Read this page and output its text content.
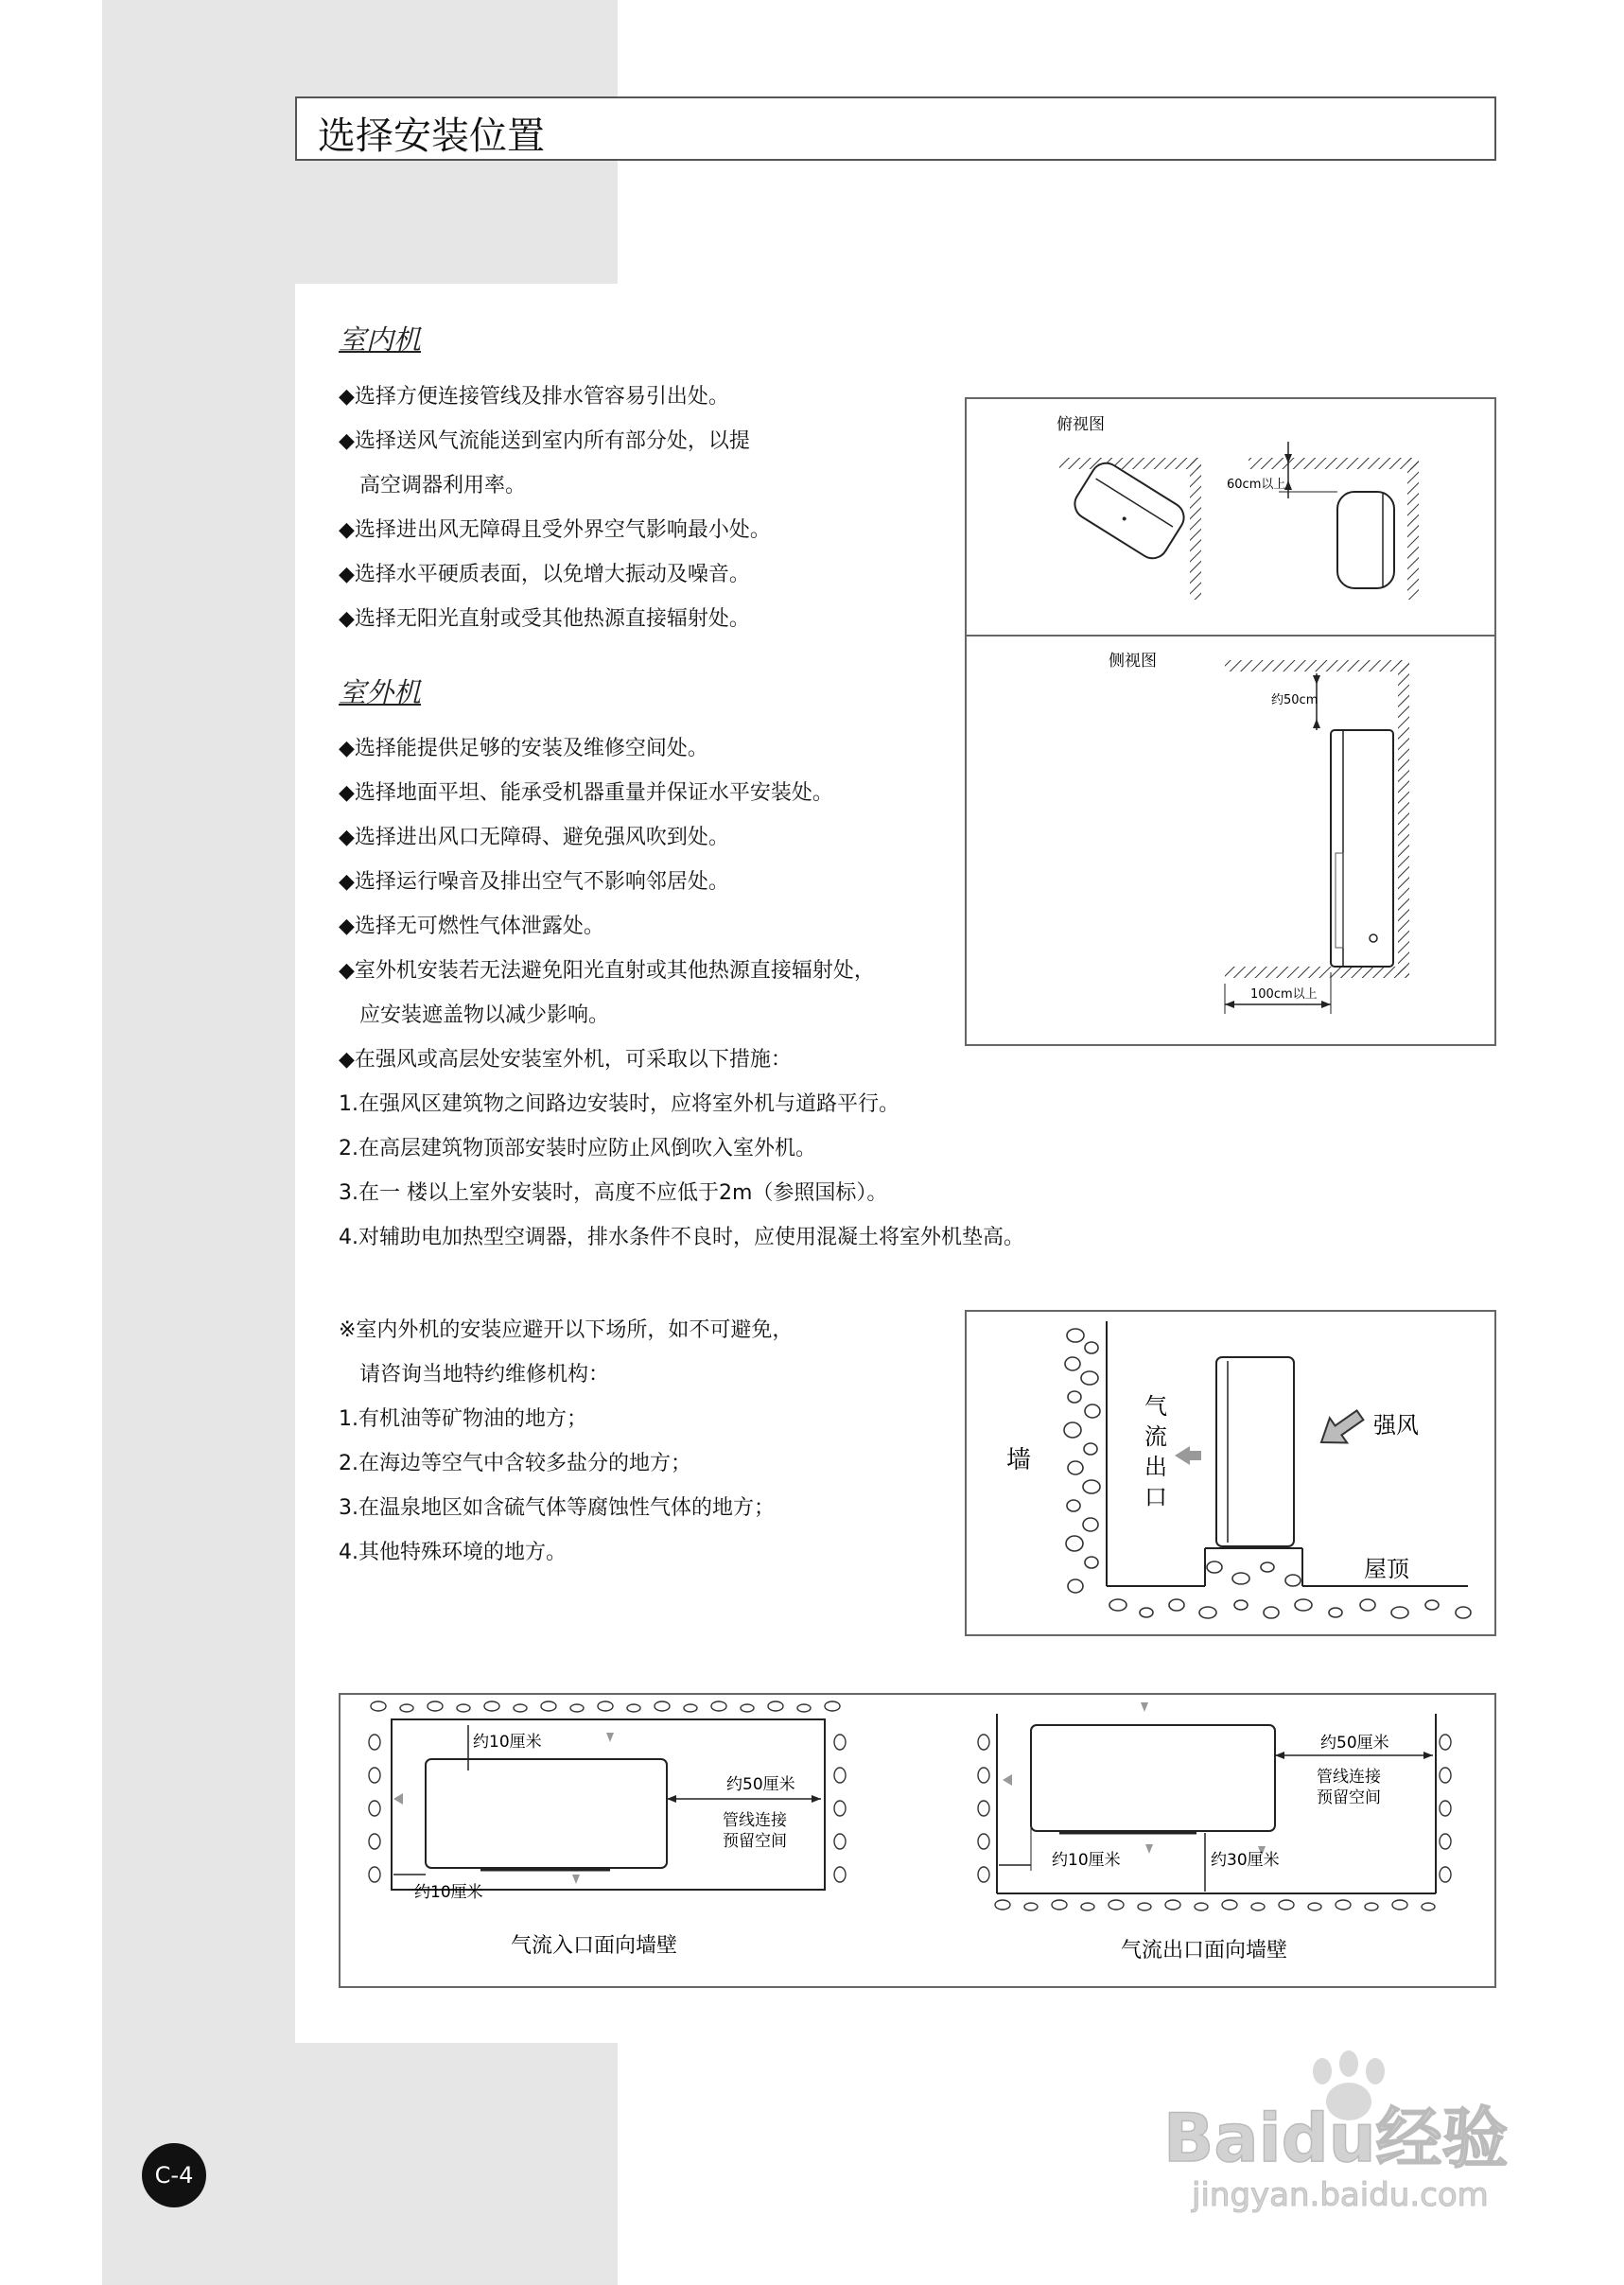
选择安装位置
室内机
◆选择方便连接管线及排水管容易引出处。
◆选择送风气流能送到室内所有部分处，以提
　高空调器利用率。
◆选择进出风无障碍且受外界空气影响最小处。
◆选择水平硬质表面，以免增大振动及噪音。
◆选择无阳光直射或受其他热源直接辐射处。
室外机
◆选择能提供足够的安装及维修空间处。
◆选择地面平坦、能承受机器重量并保证水平安装处。
◆选择进出风口无障碍、避免强风吹到处。
◆选择运行噪音及排出空气不影响邻居处。
◆选择无可燃性气体泄露处。
◆室外机安装若无法避免阳光直射或其他热源直接辐射处，
　应安装遮盖物以减少影响。
◆在强风或高层处安装室外机，可采取以下措施：
1.在强风区建筑物之间路边安装时，应将室外机与道路平行。
2.在高层建筑物顶部安装时应防止风倒吹入室外机。
3.在一 楼以上室外安装时，高度不应低于2m（参照国标）。
4.对辅助电加热型空调器，排水条件不良时，应使用混凝土将室外机垫高。
※室内外机的安装应避开以下场所，如不可避免，
　请咨询当地特约维修机构：
1.有机油等矿物油的地方；
2.在海边等空气中含较多盐分的地方；
3.在温泉地区如含硫气体等腐蚀性气体的地方；
4.其他特殊环境的地方。
俯视图
60cm以上
侧视图
约50cm
100cm以上
墙
气
流
出
口
强风
屋顶
约10厘米
约50厘米
管线连接
预留空间
约10厘米
气流入口面向墙壁
约50厘米
管线连接
预留空间
约10厘米	约30厘米
气流出口面向墙壁
C-4	Baidu经验
jingyan.baidu.com
